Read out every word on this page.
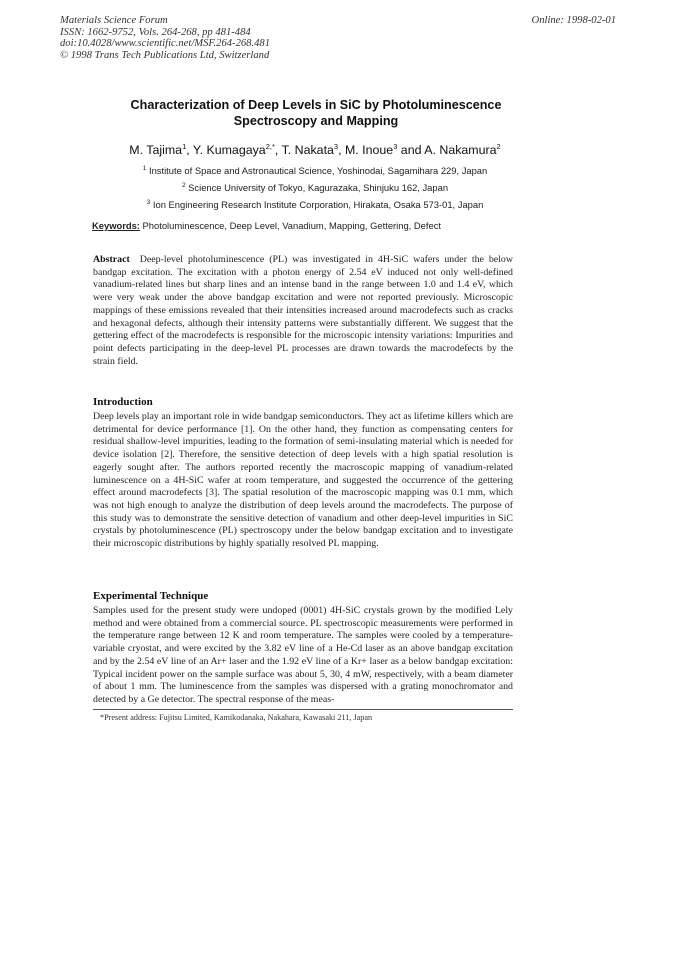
Materials Science Forum
ISSN: 1662-9752, Vols. 264-268, pp 481-484
doi:10.4028/www.scientific.net/MSF.264-268.481
© 1998 Trans Tech Publications Ltd, Switzerland
Online: 1998-02-01
Characterization of Deep Levels in SiC by Photoluminescence
Spectroscopy and Mapping
M. Tajima$^1$, Y. Kumagaya$^{2,*}$, T. Nakata$^3$, M. Inoue$^3$ and A. Nakamura$^2$
$^1$ Institute of Space and Astronautical Science, Yoshinodai, Sagamihara 229, Japan
$^2$ Science University of Tokyo, Kagurazaka, Shinjuku 162, Japan
$^3$ Ion Engineering Research Institute Corporation, Hirakata, Osaka 573-01, Japan
Keywords: Photoluminescence, Deep Level, Vanadium, Mapping, Gettering, Defect
Abstract Deep-level photoluminescence (PL) was investigated in 4H-SiC wafers under the below bandgap excitation. The excitation with a photon energy of 2.54 eV induced not only well-defined vanadium-related lines but sharp lines and an intense band in the range between 1.0 and 1.4 eV, which were very weak under the above bandgap excitation and were not reported previously. Microscopic mappings of these emissions revealed that their intensities increased around macrodefects such as cracks and hexagonal defects, although their intensity patterns were substantially different. We suggest that the gettering effect of the macrodefects is responsible for the microscopic intensity variations: Impurities and point defects participating in the deep-level PL processes are drawn towards the macrodefects by the strain field.
Introduction
Deep levels play an important role in wide bandgap semiconductors. They act as lifetime killers which are detrimental for device performance [1]. On the other hand, they function as compensating centers for residual shallow-level impurities, leading to the formation of semi-insulating material which is needed for device isolation [2]. Therefore, the sensitive detection of deep levels with a high spatial resolution is eagerly sought after. The authors reported recently the macroscopic mapping of vanadium-related luminescence on a 4H-SiC wafer at room temperature, and suggested the occurrence of the gettering effect around macrodefects [3]. The spatial resolution of the macroscopic mapping was 0.1 mm, which was not high enough to analyze the distribution of deep levels around the macrodefects. The purpose of this study was to demonstrate the sensitive detection of vanadium and other deep-level impurities in SiC crystals by photoluminescence (PL) spectroscopy under the below bandgap excitation and to investigate their microscopic distributions by highly spatially resolved PL mapping.
Experimental Technique
Samples used for the present study were undoped (0001) 4H-SiC crystals grown by the modified Lely method and were obtained from a commercial source. PL spectroscopic measurements were performed in the temperature range between 12 K and room temperature. The samples were cooled by a temperature-variable cryostat, and were excited by the 3.82 eV line of a He-Cd laser as an above bandgap excitation and by the 2.54 eV line of an Ar+ laser and the 1.92 eV line of a Kr+ laser as a below bandgap excitation: Typical incident power on the sample surface was about 5, 30, 4 mW, respectively, with a beam diameter of about 1 mm. The luminescence from the samples was dispersed with a grating monochromator and detected by a Ge detector. The spectral response of the meas-
*Present address: Fujitsu Limited, Kamikodanaka, Nakahara, Kawasaki 211, Japan
